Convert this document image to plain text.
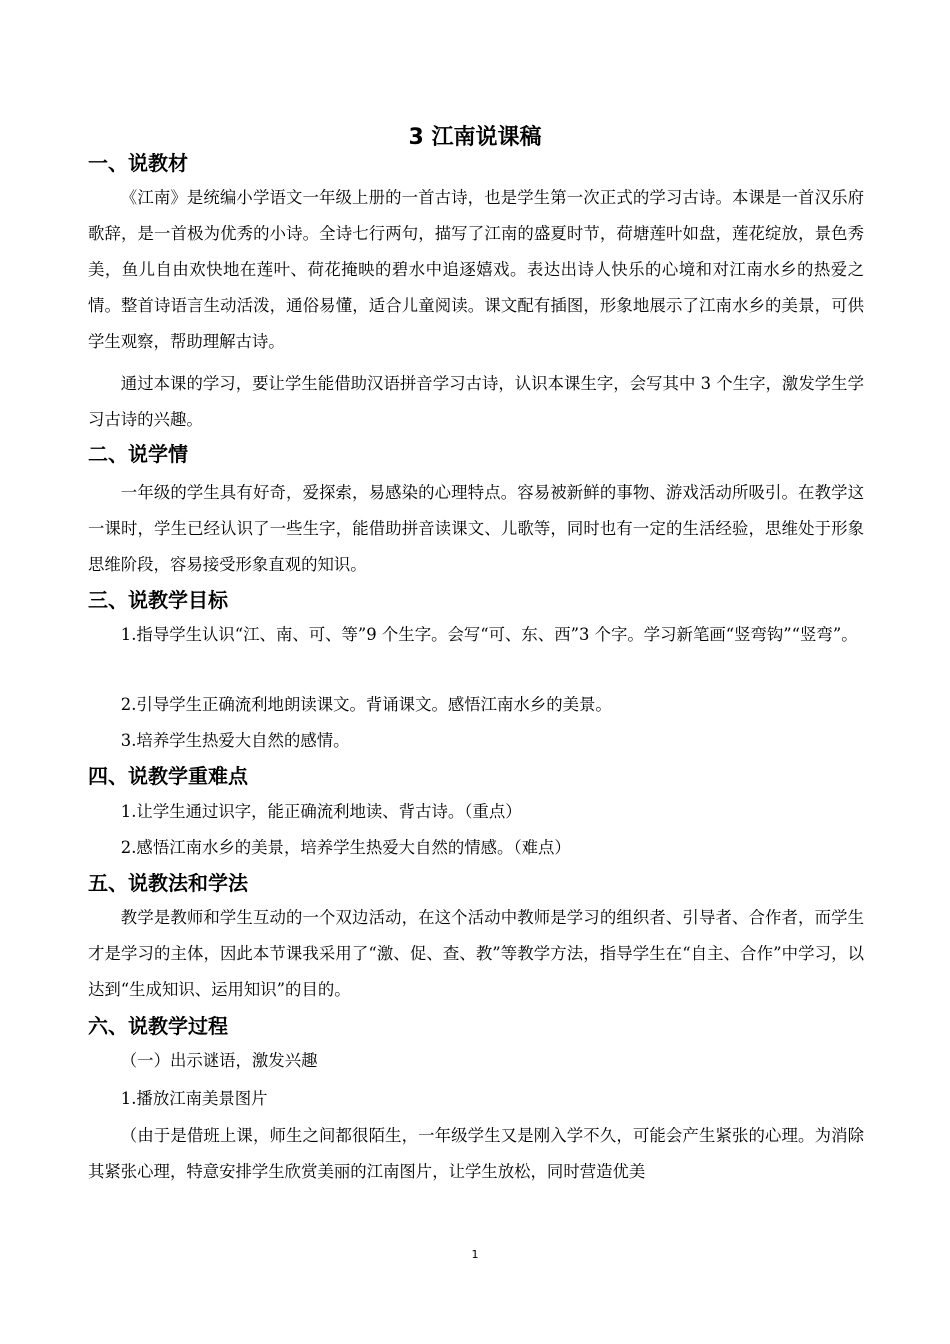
3 江南说课稿
一、说教材

《江南》是统编小学语文一年级上册的一首古诗，也是学生第一次正式的学习古诗。本课是一首汉乐府歌辞，是一首极为优秀的小诗。全诗七行两句，描写了江南的盛夏时节，荷塘莲叶如盘，莲花绽放，景色秀美，鱼儿自由欢快地在莲叶、荷花掩映的碧水中追逐嬉戏。表达出诗人快乐的心境和对江南水乡的热爱之情。整首诗语言生动活泼，通俗易懂，适合儿童阅读。课文配有插图，形象地展示了江南水乡的美景，可供学生观察，帮助理解古诗。

通过本课的学习，要让学生能借助汉语拼音学习古诗，认识本课生字，会写其中 3 个生字，激发学生学习古诗的兴趣。

二、说学情

一年级的学生具有好奇，爱探索，易感染的心理特点。容易被新鲜的事物、游戏活动所吸引。在教学这一课时，学生已经认识了一些生字，能借助拼音读课文、儿歌等，同时也有一定的生活经验，思维处于形象思维阶段，容易接受形象直观的知识。

三、说教学目标

1.指导学生认识“江、南、可、等”9 个生字。会写“可、东、西”3 个字。学习新笔画“竖弯钩”“竖弯”。

2.引导学生正确流利地朗读课文。背诵课文。感悟江南水乡的美景。

3.培养学生热爱大自然的感情。

四、说教学重难点

1.让学生通过识字，能正确流利地读、背古诗。（重点）

2.感悟江南水乡的美景，培养学生热爱大自然的情感。（难点）

五、说教法和学法

教学是教师和学生互动的一个双边活动，在这个活动中教师是学习的组织者、引导者、合作者，而学生才是学习的主体，因此本节课我采用了“激、促、查、教”等教学方法，指导学生在“自主、合作”中学习，以达到“生成知识、运用知识”的目的。

六、说教学过程

（一）出示谜语，激发兴趣

1.播放江南美景图片

（由于是借班上课，师生之间都很陌生，一年级学生又是刚入学不久，可能会产生紧张的心理。为消除其紧张心理，特意安排学生欣赏美丽的江南图片，让学生放松，同时营造优美

1
